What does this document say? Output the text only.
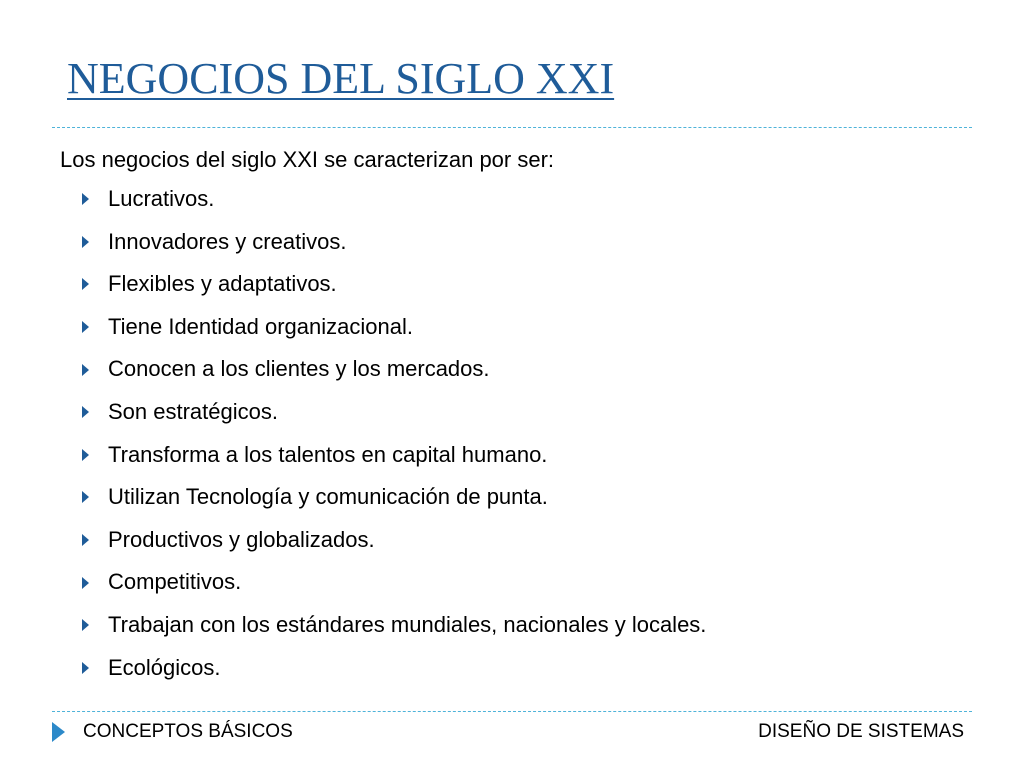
NEGOCIOS DEL SIGLO XXI

Los negocios del siglo XXI se caracterizan por ser:

Lucrativos.
Innovadores y creativos.
Flexibles y adaptativos.
Tiene Identidad organizacional.
Conocen a los clientes y los mercados.
Son estratégicos.
Transforma a los talentos en capital humano.
Utilizan Tecnología y comunicación de punta.
Productivos y globalizados.
Competitivos.
Trabajan con los estándares mundiales, nacionales y locales.
Ecológicos.
CONCEPTOS BÁSICOS	DISEÑO DE SISTEMAS
